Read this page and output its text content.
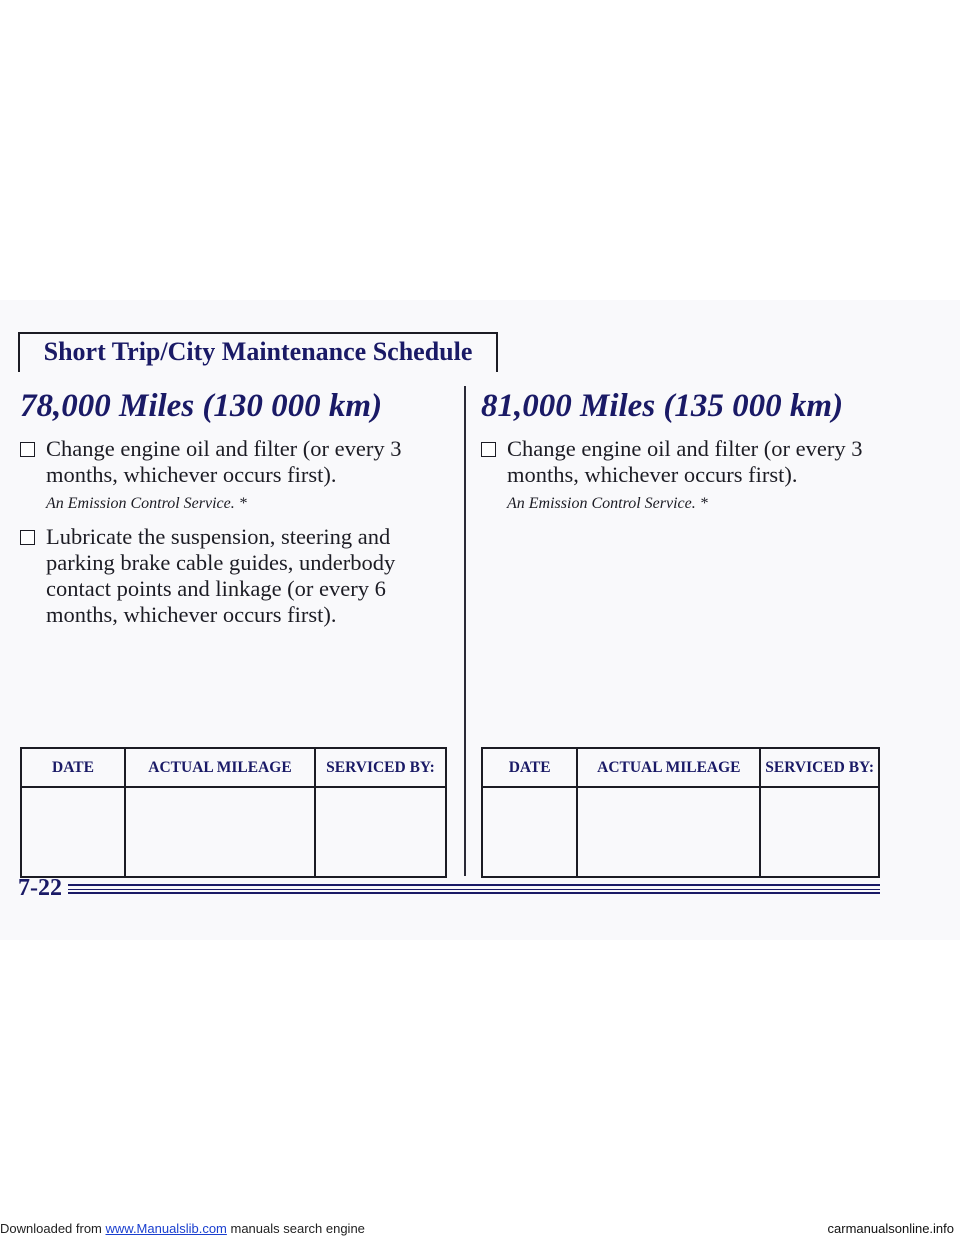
Short Trip/City Maintenance Schedule
78,000 Miles (130 000 km)
Change engine oil and filter (or every 3 months, whichever occurs first).
An Emission Control Service. *
Lubricate the suspension, steering and parking brake cable guides, underbody contact points and linkage (or every 6 months, whichever occurs first).
81,000 Miles (135 000 km)
Change engine oil and filter (or every 3 months, whichever occurs first).
An Emission Control Service. *
DATE	ACTUAL MILEAGE	SERVICED BY:
			DATE	ACTUAL MILEAGE	SERVICED BY:

7-22
Downloaded from www.Manualslib.com manuals search engine	carmanualsonline.info
